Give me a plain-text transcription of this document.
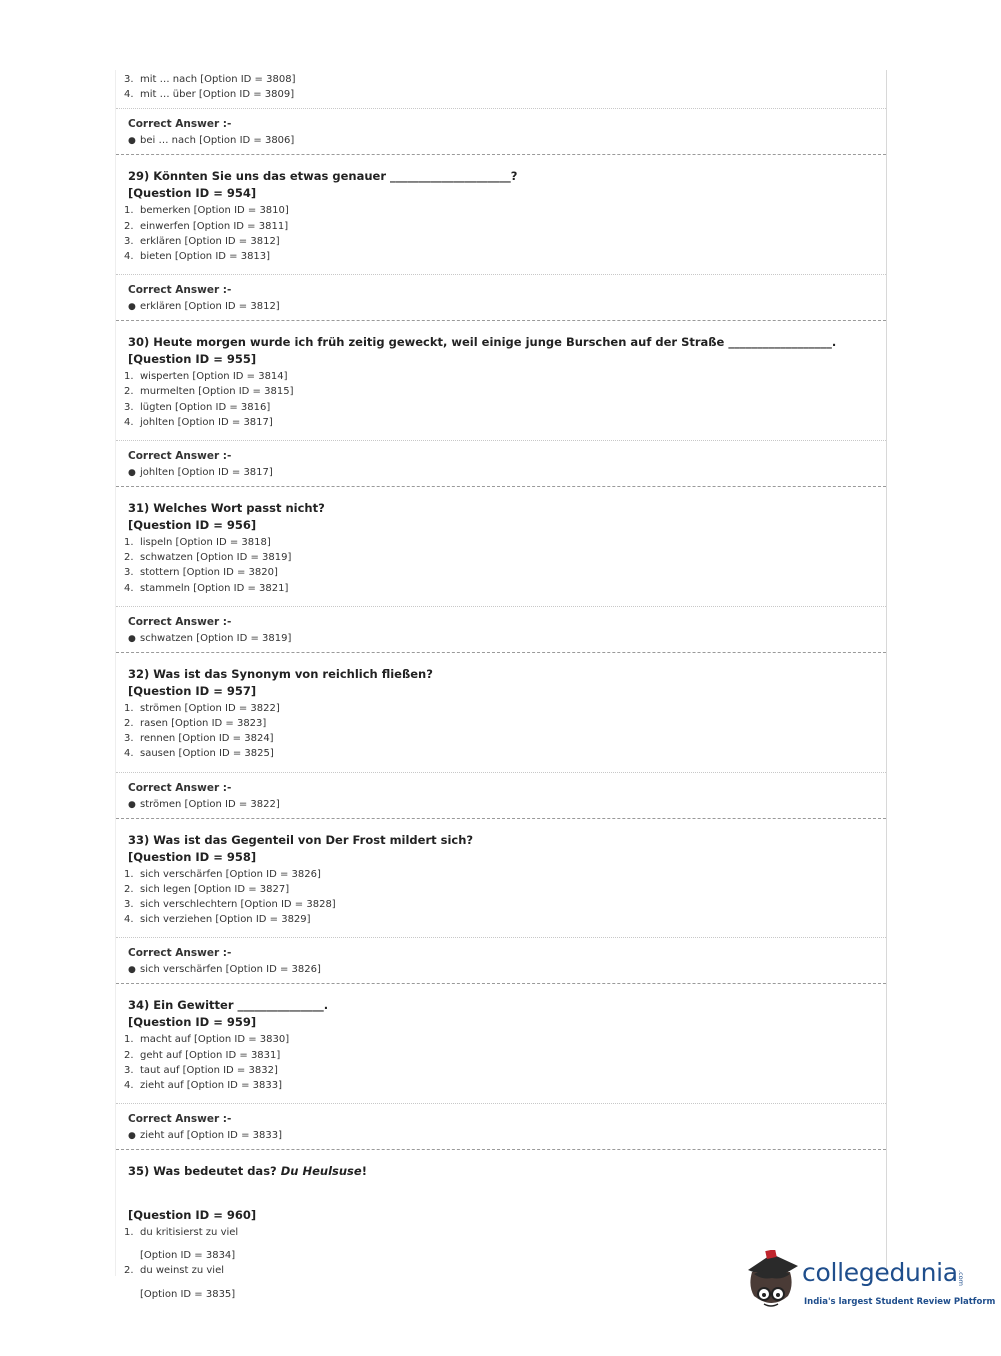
3. mit … nach [Option ID = 3808]
4. mit … über [Option ID = 3809]
Correct Answer :-
● bei … nach [Option ID = 3806]
29) Könnten Sie uns das etwas genauer _____________________?
[Question ID = 954]
1. bemerken [Option ID = 3810]
2. einwerfen [Option ID = 3811]
3. erklären [Option ID = 3812]
4. bieten [Option ID = 3813]
Correct Answer :-
● erklären [Option ID = 3812]
30) Heute morgen wurde ich früh zeitig geweckt, weil einige junge Burschen auf der Straße __________________.
[Question ID = 955]
1. wisperten [Option ID = 3814]
2. murmelten [Option ID = 3815]
3. lügten [Option ID = 3816]
4. johlten [Option ID = 3817]
Correct Answer :-
● johlten [Option ID = 3817]
31) Welches Wort passt nicht?
[Question ID = 956]
1. lispeln [Option ID = 3818]
2. schwatzen [Option ID = 3819]
3. stottern [Option ID = 3820]
4. stammeln [Option ID = 3821]
Correct Answer :-
● schwatzen [Option ID = 3819]
32) Was ist das Synonym von reichlich fließen?
[Question ID = 957]
1. strömen [Option ID = 3822]
2. rasen [Option ID = 3823]
3. rennen [Option ID = 3824]
4. sausen [Option ID = 3825]
Correct Answer :-
● strömen [Option ID = 3822]
33) Was ist das Gegenteil von Der Frost mildert sich?
[Question ID = 958]
1. sich verschärfen [Option ID = 3826]
2. sich legen [Option ID = 3827]
3. sich verschlechtern [Option ID = 3828]
4. sich verziehen [Option ID = 3829]
Correct Answer :-
● sich verschärfen [Option ID = 3826]
34) Ein Gewitter _______________.
[Question ID = 959]
1. macht auf [Option ID = 3830]
2. geht auf [Option ID = 3831]
3. taut auf [Option ID = 3832]
4. zieht auf [Option ID = 3833]
Correct Answer :-
● zieht auf [Option ID = 3833]
35) Was bedeutet das? Du Heulsuse!
[Question ID = 960]
1. du kritisierst zu viel
[Option ID = 3834]
2. du weinst zu viel
[Option ID = 3835]
collegedunia .com
India's largest Student Review Platform
